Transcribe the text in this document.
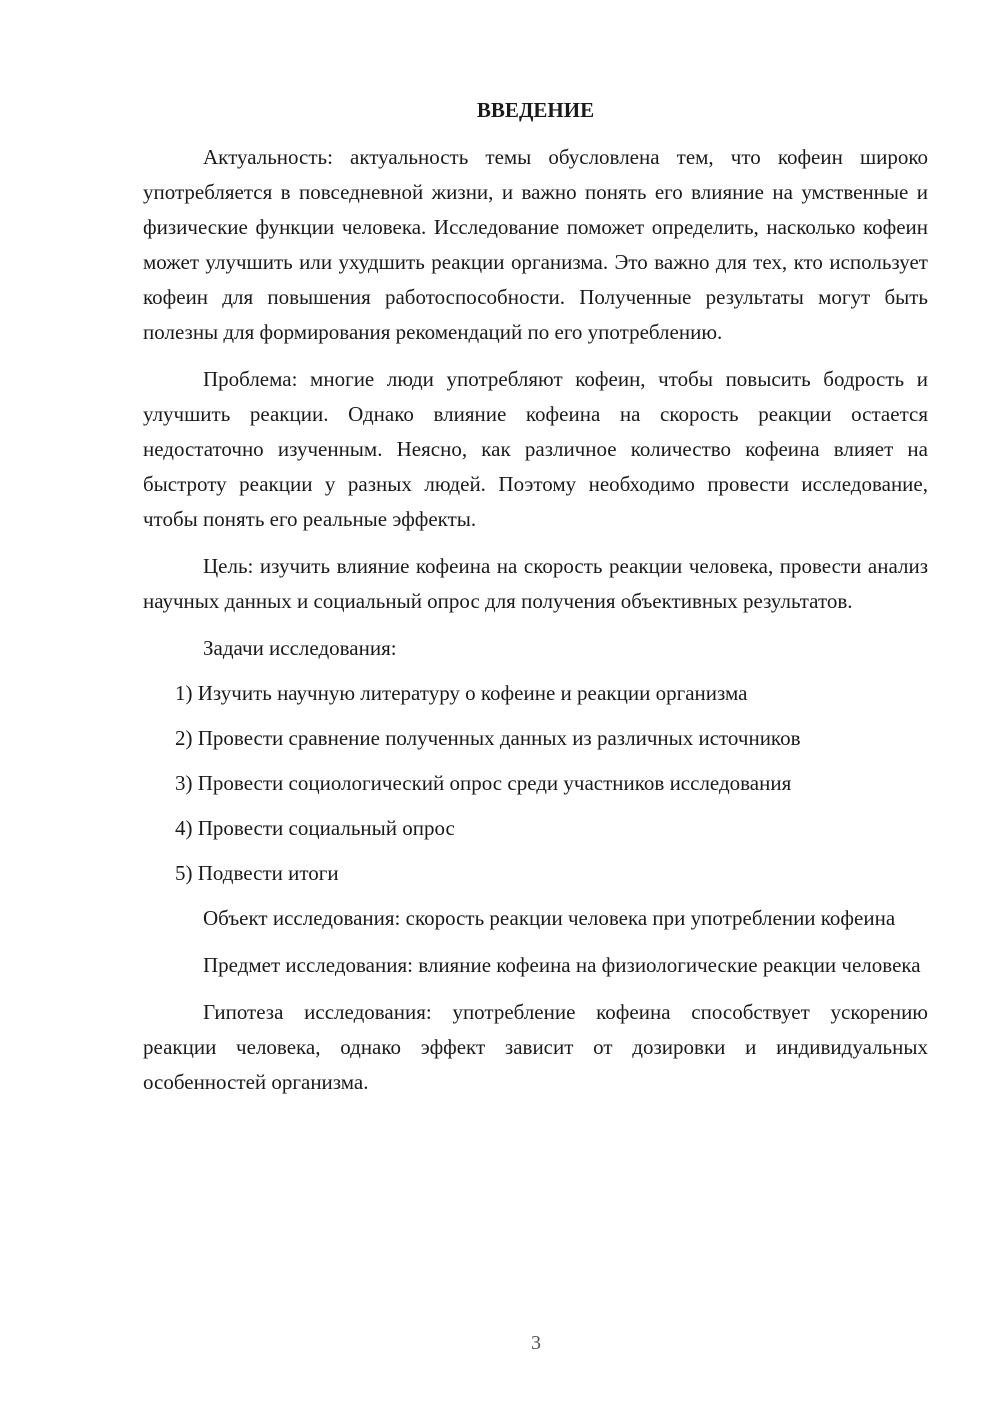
ВВЕДЕНИЕ

Актуальность: актуальность темы обусловлена тем, что кофеин широко употребляется в повседневной жизни, и важно понять его влияние на умственные и физические функции человека. Исследование поможет определить, насколько кофеин может улучшить или ухудшить реакции организма. Это важно для тех, кто использует кофеин для повышения работоспособности. Полученные результаты могут быть полезны для формирования рекомендаций по его употреблению.

Проблема: многие люди употребляют кофеин, чтобы повысить бодрость и улучшить реакции. Однако влияние кофеина на скорость реакции остается недостаточно изученным. Неясно, как различное количество кофеина влияет на быстроту реакции у разных людей. Поэтому необходимо провести исследование, чтобы понять его реальные эффекты.

Цель: изучить влияние кофеина на скорость реакции человека, провести анализ научных данных и социальный опрос для получения объективных результатов.

Задачи исследования:

1) Изучить научную литературу о кофеине и реакции организма

2) Провести сравнение полученных данных из различных источников

3) Провести социологический опрос среди участников исследования

4) Провести социальный опрос

5) Подвести итоги

Объект исследования: скорость реакции человека при употреблении кофеина

Предмет исследования: влияние кофеина на физиологические реакции человека

Гипотеза исследования: употребление кофеина способствует ускорению реакции человека, однако эффект зависит от дозировки и индивидуальных особенностей организма.

3
